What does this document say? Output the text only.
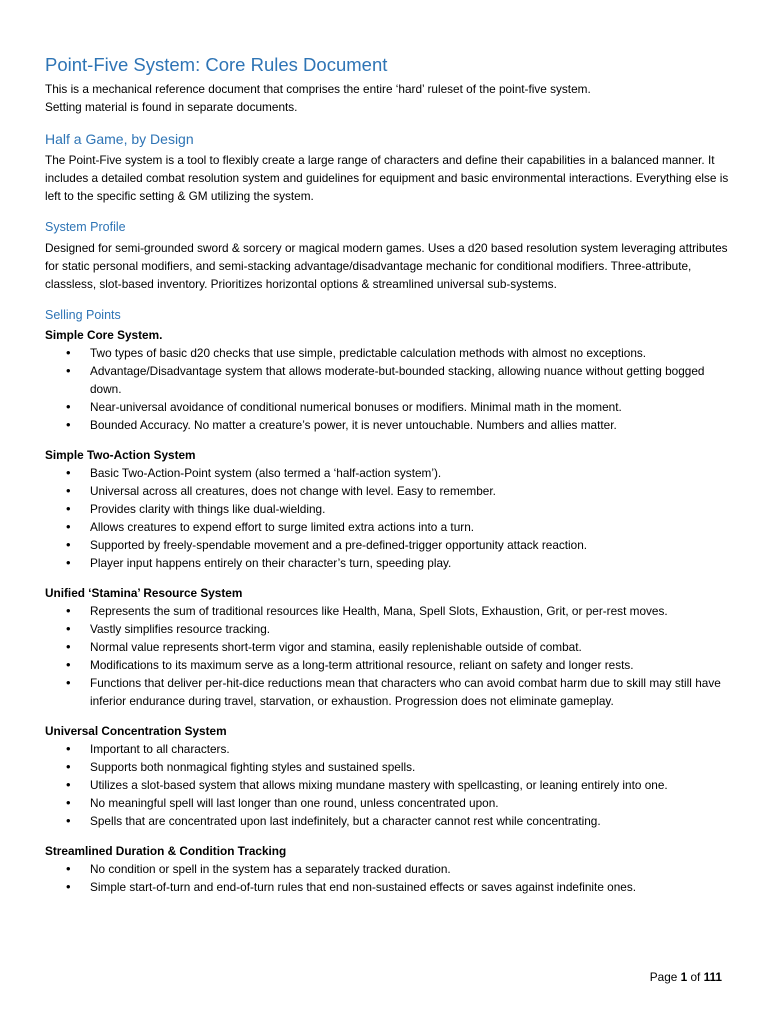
Point-Five System: Core Rules Document

This is a mechanical reference document that comprises the entire ‘hard’ ruleset of the point-five system.

Setting material is found in separate documents.

Half a Game, by Design

The Point-Five system is a tool to flexibly create a large range of characters and define their capabilities in a balanced manner. It includes a detailed combat resolution system and guidelines for equipment and basic environmental interactions. Everything else is left to the specific setting & GM utilizing the system.

System Profile

Designed for semi-grounded sword & sorcery or magical modern games. Uses a d20 based resolution system leveraging attributes for static personal modifiers, and semi-stacking advantage/disadvantage mechanic for conditional modifiers. Three-attribute, classless, slot-based inventory. Prioritizes horizontal options & streamlined universal sub-systems.

Selling Points
Simple Core System.
• Two types of basic d20 checks that use simple, predictable calculation methods with almost no exceptions.
• Advantage/Disadvantage system that allows moderate-but-bounded stacking, allowing nuance without getting bogged down.
• Near-universal avoidance of conditional numerical bonuses or modifiers. Minimal math in the moment.
• Bounded Accuracy. No matter a creature’s power, it is never untouchable. Numbers and allies matter.
Simple Two-Action System
• Basic Two-Action-Point system (also termed a ‘half-action system’).
• Universal across all creatures, does not change with level. Easy to remember.
• Provides clarity with things like dual-wielding.
• Allows creatures to expend effort to surge limited extra actions into a turn.
• Supported by freely-spendable movement and a pre-defined-trigger opportunity attack reaction.
• Player input happens entirely on their character’s turn, speeding play.
Unified ‘Stamina’ Resource System
• Represents the sum of traditional resources like Health, Mana, Spell Slots, Exhaustion, Grit, or per-rest moves.
• Vastly simplifies resource tracking.
• Normal value represents short-term vigor and stamina, easily replenishable outside of combat.
• Modifications to its maximum serve as a long-term attritional resource, reliant on safety and longer rests.
• Functions that deliver per-hit-dice reductions mean that characters who can avoid combat harm due to skill may still have inferior endurance during travel, starvation, or exhaustion. Progression does not eliminate gameplay.
Universal Concentration System
• Important to all characters.
• Supports both nonmagical fighting styles and sustained spells.
• Utilizes a slot-based system that allows mixing mundane mastery with spellcasting, or leaning entirely into one.
• No meaningful spell will last longer than one round, unless concentrated upon.
• Spells that are concentrated upon last indefinitely, but a character cannot rest while concentrating.
Streamlined Duration & Condition Tracking
• No condition or spell in the system has a separately tracked duration.
• Simple start-of-turn and end-of-turn rules that end non-sustained effects or saves against indefinite ones.
Page 1 of 111
